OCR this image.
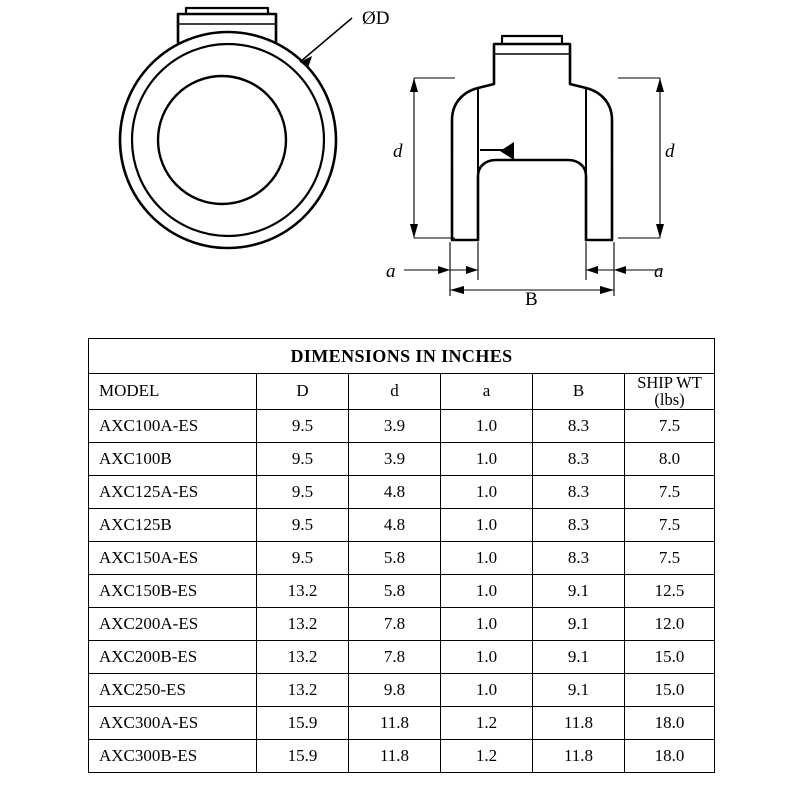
ØD
d	d
a	a
B
DIMENSIONS IN INCHES					
MODEL	D	d	a	B	SHIP WT
(lbs)

AXC100A-ES	9.5	3.9	1.0	8.3	7.5
AXC100B	9.5	3.9	1.0	8.3	8.0
AXC125A-ES	9.5	4.8	1.0	8.3	7.5
AXC125B	9.5	4.8	1.0	8.3	7.5
AXC150A-ES	9.5	5.8	1.0	8.3	7.5
AXC150B-ES	13.2	5.8	1.0	9.1	12.5
AXC200A-ES	13.2	7.8	1.0	9.1	12.0
AXC200B-ES	13.2	7.8	1.0	9.1	15.0
AXC250-ES	13.2	9.8	1.0	9.1	15.0
AXC300A-ES	15.9	11.8	1.2	11.8	18.0
AXC300B-ES	15.9	11.8	1.2	11.8	18.0
